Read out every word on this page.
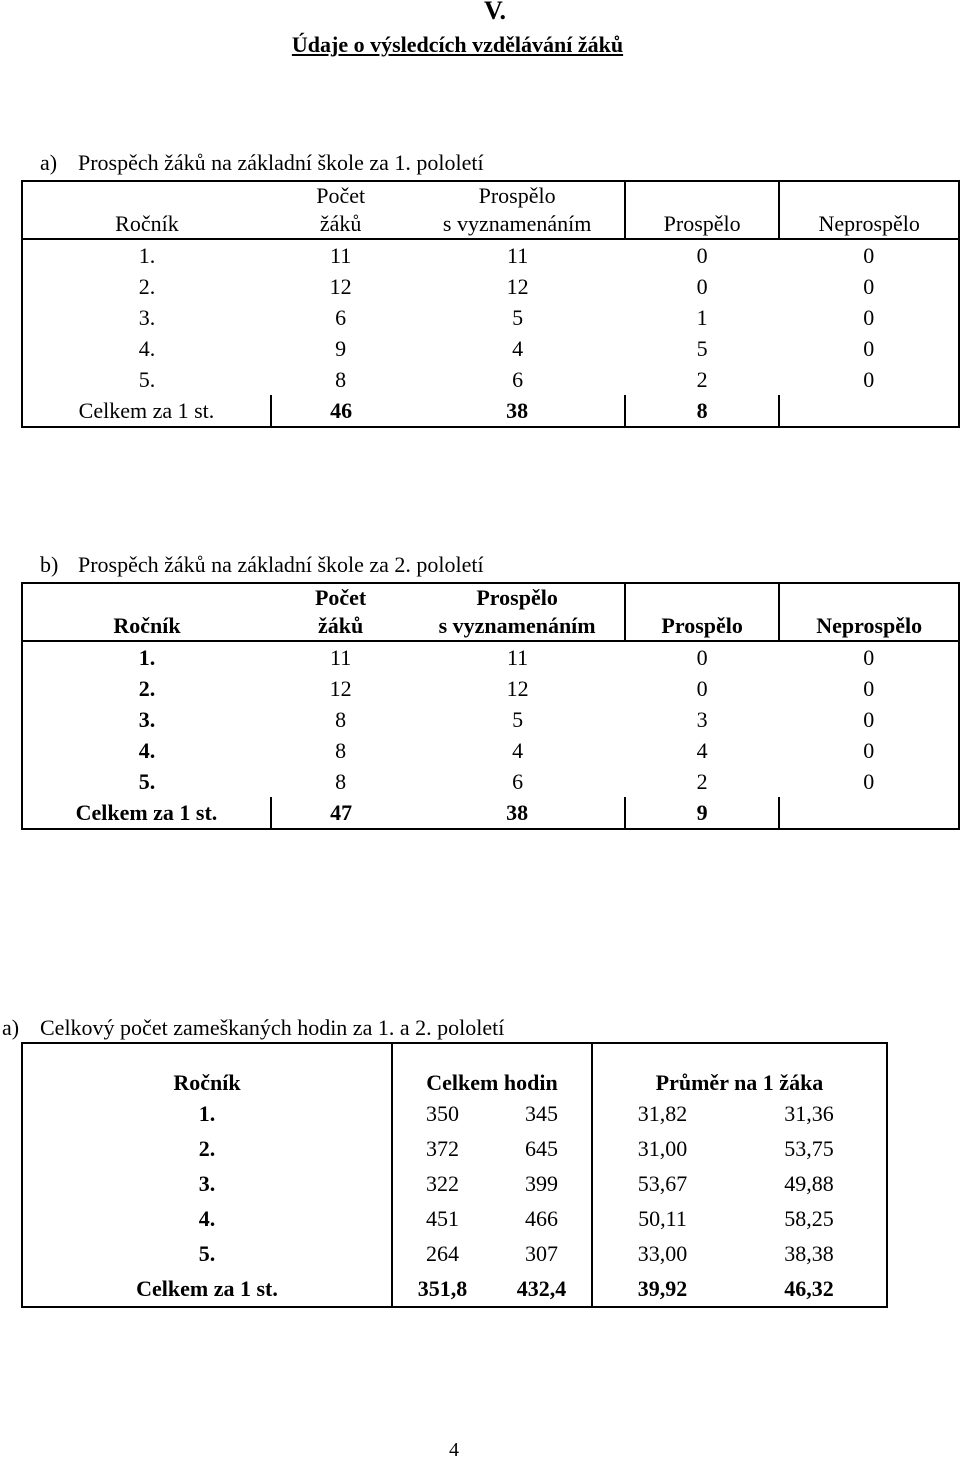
V.
Údaje o výsledcích vzdělávání žáků
a) Prospěch žáků na základní škole za 1. pololetí
Ročník	Počet	Prospělo	Prospělo	Neprospělo
	žáků	s vyznamenáním		
1.	11	11	0	0
2.	12	12	0	0
3.	6	5	1	0
4.	9	4	5	0
5.	8	6	2	0
Celkem za 1 st.	46	38	8	
b) Prospěch žáků na základní škole za 2. pololetí
Ročník	Počet	Prospělo	Prospělo	Neprospělo
	žáků	s vyznamenáním		
1.	11	11	0	0
2.	12	12	0	0
3.	8	5	3	0
4.	8	4	4	0
5.	8	6	2	0
Celkem za 1 st.	47	38	9	
a) Celkový počet zameškaných hodin za 1. a 2. pololetí
Ročník	Celkem hodin		Průměr na 1 žáka	
1.	350	345	31,82	31,36
2.	372	645	31,00	53,75
3.	322	399	53,67	49,88
4.	451	466	50,11	58,25
5.	264	307	33,00	38,38
Celkem za 1 st.	351,8	432,4	39,92	46,32
4
